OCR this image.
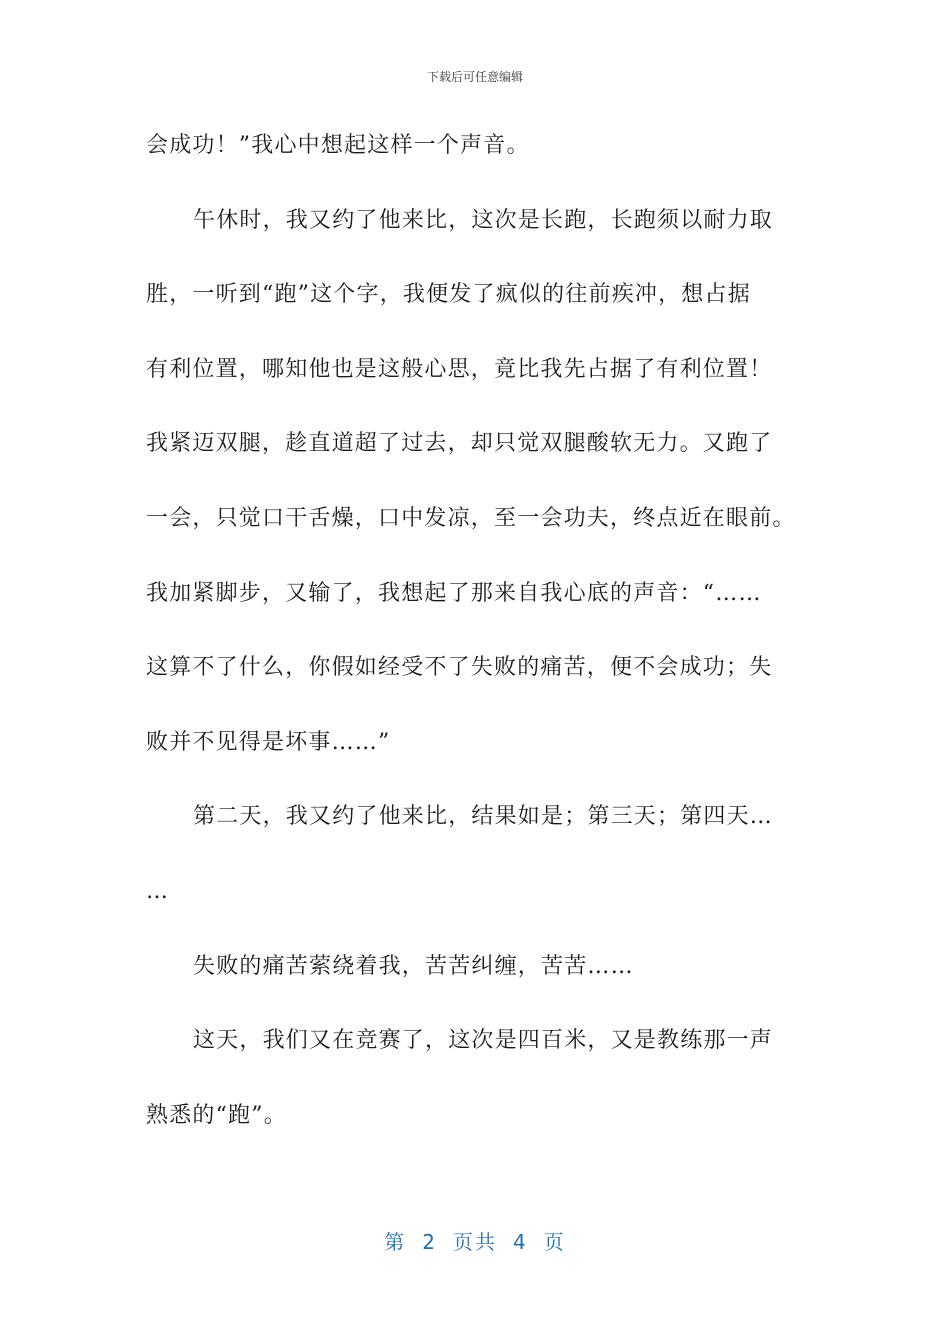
下载后可任意编辑
会成功！”我心中想起这样一个声音。
午休时，我又约了他来比，这次是长跑，长跑须以耐力取
胜，一听到“跑”这个字，我便发了疯似的往前疾冲，想占据
有利位置，哪知他也是这般心思，竟比我先占据了有利位置！
我紧迈双腿，趁直道超了过去，却只觉双腿酸软无力。又跑了
一会，只觉口干舌燥，口中发凉，至一会功夫，终点近在眼前。
我加紧脚步，又输了，我想起了那来自我心底的声音：“……
这算不了什么，你假如经受不了失败的痛苦，便不会成功；失
败并不见得是坏事……”
第二天，我又约了他来比，结果如是；第三天；第四天…
…
失败的痛苦萦绕着我，苦苦纠缠，苦苦……
这天，我们又在竞赛了，这次是四百米，又是教练那一声
熟悉的“跑”。
第 2 页共 4 页
